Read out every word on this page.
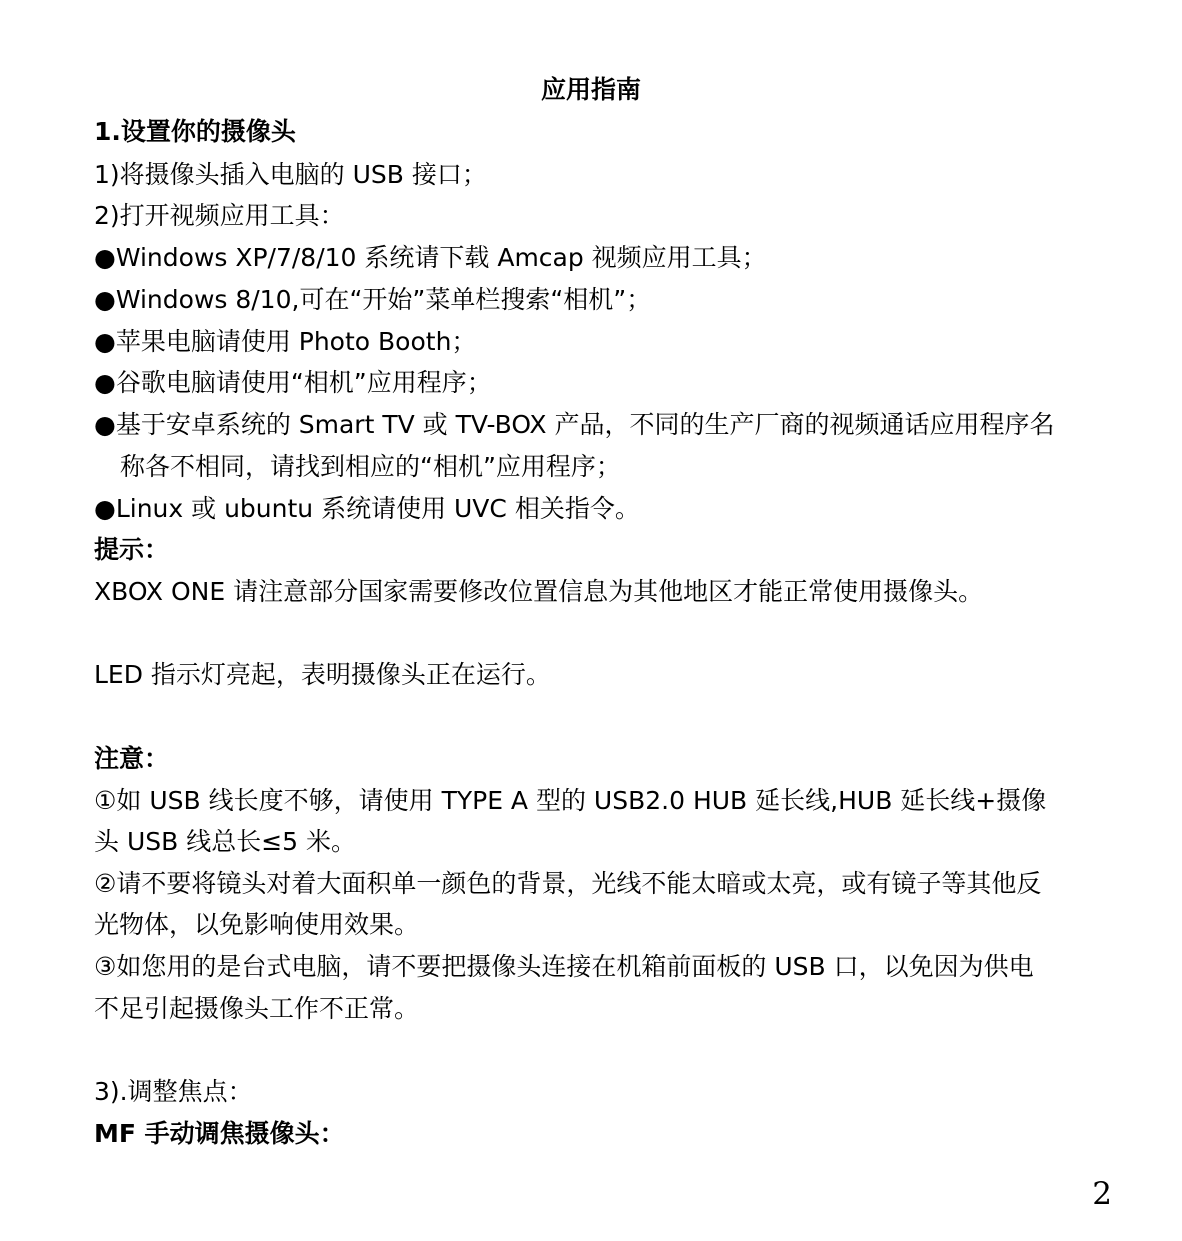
应用指南
1.设置你的摄像头
1)将摄像头插入电脑的 USB 接口；
2)打开视频应用工具：
●Windows XP/7/8/10 系统请下载 Amcap 视频应用工具；
●Windows 8/10,可在“开始”菜单栏搜索“相机”；
●苹果电脑请使用 Photo Booth；
●谷歌电脑请使用“相机”应用程序；
●基于安卓系统的 Smart TV 或 TV-BOX 产品，不同的生产厂商的视频通话应用程序名
称各不相同，请找到相应的“相机”应用程序；
●Linux 或 ubuntu 系统请使用 UVC 相关指令。
提示：
XBOX ONE 请注意部分国家需要修改位置信息为其他地区才能正常使用摄像头。
LED 指示灯亮起，表明摄像头正在运行。
注意：
①如 USB 线长度不够，请使用 TYPE A 型的 USB2.0 HUB 延长线,HUB 延长线+摄像
头 USB 线总长≤5 米。
②请不要将镜头对着大面积单一颜色的背景，光线不能太暗或太亮，或有镜子等其他反
光物体，以免影响使用效果。
③如您用的是台式电脑，请不要把摄像头连接在机箱前面板的 USB 口，以免因为供电
不足引起摄像头工作不正常。
3).调整焦点：
MF 手动调焦摄像头：
2
